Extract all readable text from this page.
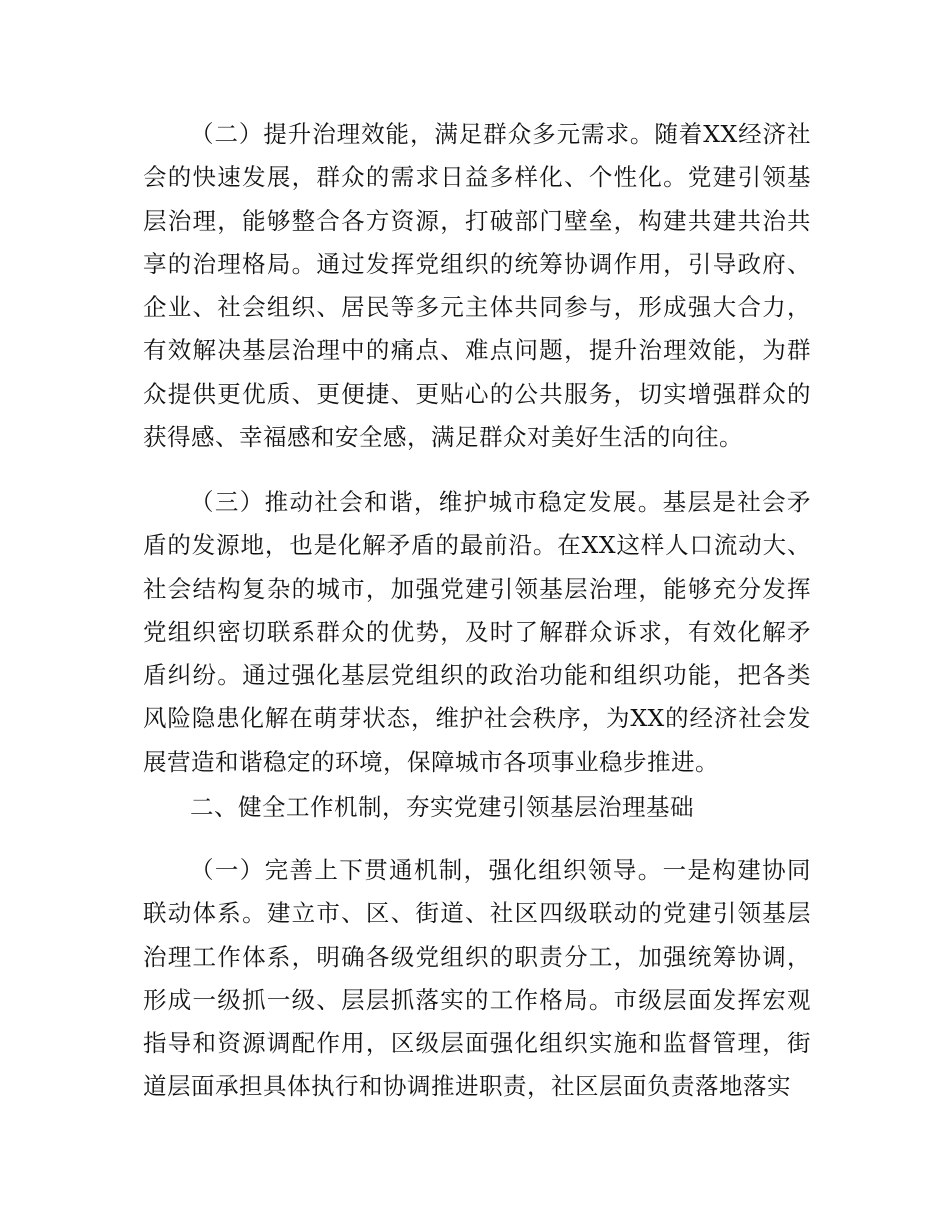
（二）提升治理效能，满足群众多元需求。随着XX经济社会的快速发展，群众的需求日益多样化、个性化。党建引领基层治理，能够整合各方资源，打破部门壁垒，构建共建共治共享的治理格局。通过发挥党组织的统筹协调作用，引导政府、企业、社会组织、居民等多元主体共同参与，形成强大合力，有效解决基层治理中的痛点、难点问题，提升治理效能，为群众提供更优质、更便捷、更贴心的公共服务，切实增强群众的获得感、幸福感和安全感，满足群众对美好生活的向往。

（三）推动社会和谐，维护城市稳定发展。基层是社会矛盾的发源地，也是化解矛盾的最前沿。在XX这样人口流动大、社会结构复杂的城市，加强党建引领基层治理，能够充分发挥党组织密切联系群众的优势，及时了解群众诉求，有效化解矛盾纠纷。通过强化基层党组织的政治功能和组织功能，把各类风险隐患化解在萌芽状态，维护社会秩序，为XX的经济社会发展营造和谐稳定的环境，保障城市各项事业稳步推进。

二、健全工作机制，夯实党建引领基层治理基础

（一）完善上下贯通机制，强化组织领导。一是构建协同联动体系。建立市、区、街道、社区四级联动的党建引领基层治理工作体系，明确各级党组织的职责分工，加强统筹协调，形成一级抓一级、层层抓落实的工作格局。市级层面发挥宏观指导和资源调配作用，区级层面强化组织实施和监督管理，街道层面承担具体执行和协调推进职责，社区层面负责落地落实
